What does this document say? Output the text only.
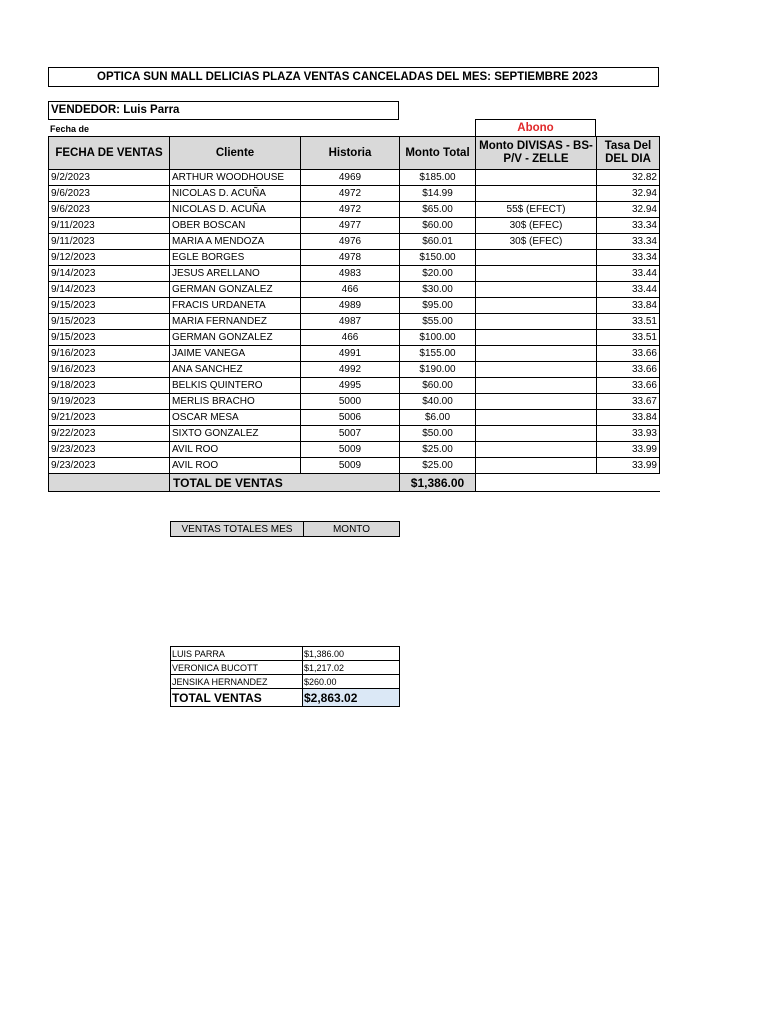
OPTICA SUN MALL DELICIAS PLAZA VENTAS CANCELADAS DEL MES: SEPTIEMBRE 2023
VENDEDOR: Luis Parra
Fecha de	Abono
FECHA DE VENTAS	Cliente	Historia	Monto Total	Monto DIVISAS - BS- P/V - ZELLE	Tasa Del DEL DIA
9/2/2023	ARTHUR WOODHOUSE	4969	$185.00		32.82
9/6/2023	NICOLAS D. ACUÑA	4972	$14.99		32.94
9/6/2023	NICOLAS D. ACUÑA	4972	$65.00	55$ (EFECT)	32.94
9/11/2023	OBER BOSCAN	4977	$60.00	30$ (EFEC)	33.34
9/11/2023	MARIA A MENDOZA	4976	$60.01	30$ (EFEC)	33.34
9/12/2023	EGLE BORGES	4978	$150.00		33.34
9/14/2023	JESUS ARELLANO	4983	$20.00		33.44
9/14/2023	GERMAN GONZALEZ	466	$30.00		33.44
9/15/2023	FRACIS URDANETA	4989	$95.00		33.84
9/15/2023	MARIA FERNANDEZ	4987	$55.00		33.51
9/15/2023	GERMAN GONZALEZ	466	$100.00		33.51
9/16/2023	JAIME VANEGA	4991	$155.00		33.66
9/16/2023	ANA SANCHEZ	4992	$190.00		33.66
9/18/2023	BELKIS QUINTERO	4995	$60.00		33.66
9/19/2023	MERLIS BRACHO	5000	$40.00		33.67
9/21/2023	OSCAR MESA	5006	$6.00		33.84
9/22/2023	SIXTO GONZALEZ	5007	$50.00		33.93
9/23/2023	AVIL ROO	5009	$25.00		33.99
9/23/2023	AVIL ROO	5009	$25.00		33.99
	TOTAL DE VENTAS		$1,386.00		
VENTAS TOTALES MES	MONTO
LUIS PARRA	$1,386.00
VERONICA BUCOTT	$1,217.02
JENSIKA HERNANDEZ	$260.00
TOTAL VENTAS	$2,863.02
